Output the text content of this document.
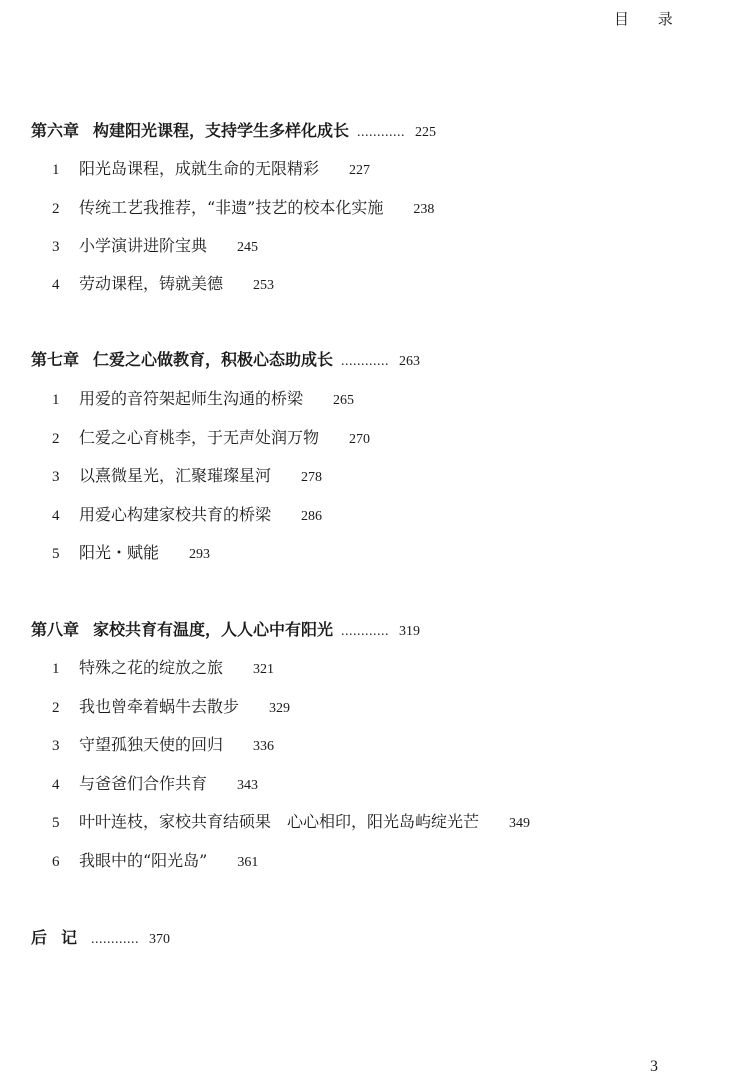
目 录
第六章 构建阳光课程，支持学生多样化成长 ............ 225
1	阳光岛课程，成就生命的无限精彩 227
2	传统工艺我推荐，“非遗”技艺的校本化实施 238
3	小学演讲进阶宝典 245
4	劳动课程，铸就美德 253
第七章 仁爱之心做教育，积极心态助成长 ............ 263
1	用爱的音符架起师生沟通的桥梁 265
2	仁爱之心育桃李，于无声处润万物 270
3	以熹微星光，汇聚璀璨星河 278
4	用爱心构建家校共育的桥梁 286
5	阳光・赋能 293
第八章 家校共育有温度，人人心中有阳光 ............ 319
1	特殊之花的绽放之旅 321
2	我也曾牵着蜗牛去散步 329
3	守望孤独天使的回归 336
4	与爸爸们合作共育 343
5	叶叶连枝，家校共育结硕果　心心相印，阳光岛屿绽光芒 349
6	我眼中的“阳光岛” 361
后记 ............ 370
3
